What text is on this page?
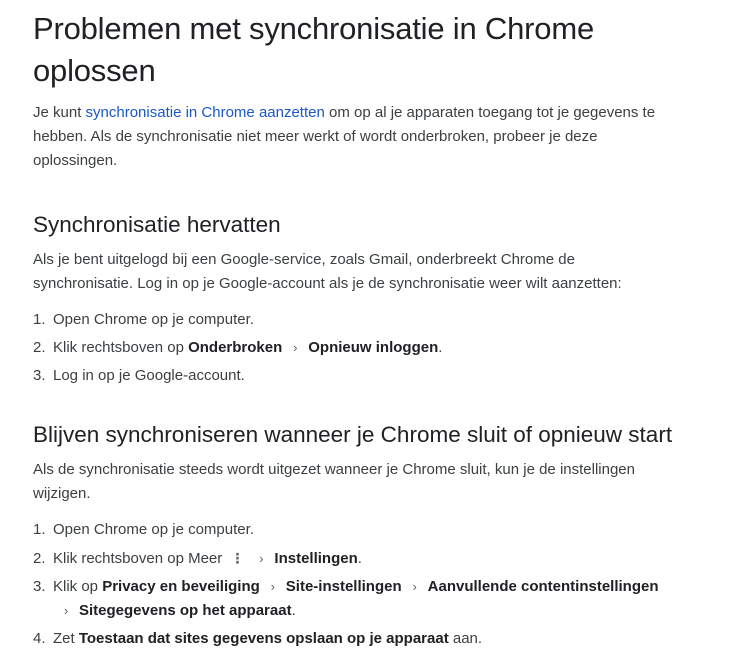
Problemen met synchronisatie in Chrome
oplossen

Je kunt synchronisatie in Chrome aanzetten om op al je apparaten toegang tot je gegevens te
hebben. Als de synchronisatie niet meer werkt of wordt onderbroken, probeer je deze
oplossingen.

Synchronisatie hervatten

Als je bent uitgelogd bij een Google-service, zoals Gmail, onderbreekt Chrome de
synchronisatie. Log in op je Google-account als je de synchronisatie weer wilt aanzetten:

1. Open Chrome op je computer.
2. Klik rechtsboven op Onderbroken › Opnieuw inloggen.
3. Log in op je Google-account.
Blijven synchroniseren wanneer je Chrome sluit of opnieuw start

Als de synchronisatie steeds wordt uitgezet wanneer je Chrome sluit, kun je de instellingen
wijzigen.

1. Open Chrome op je computer.
2. Klik rechtsboven op Meer ⋮ › Instellingen.
3. Klik op Privacy en beveiliging › Site-instellingen › Aanvullende contentinstellingen
› Sitegegevens op het apparaat.
4. Zet Toestaan dat sites gegevens opslaan op je apparaat aan.
